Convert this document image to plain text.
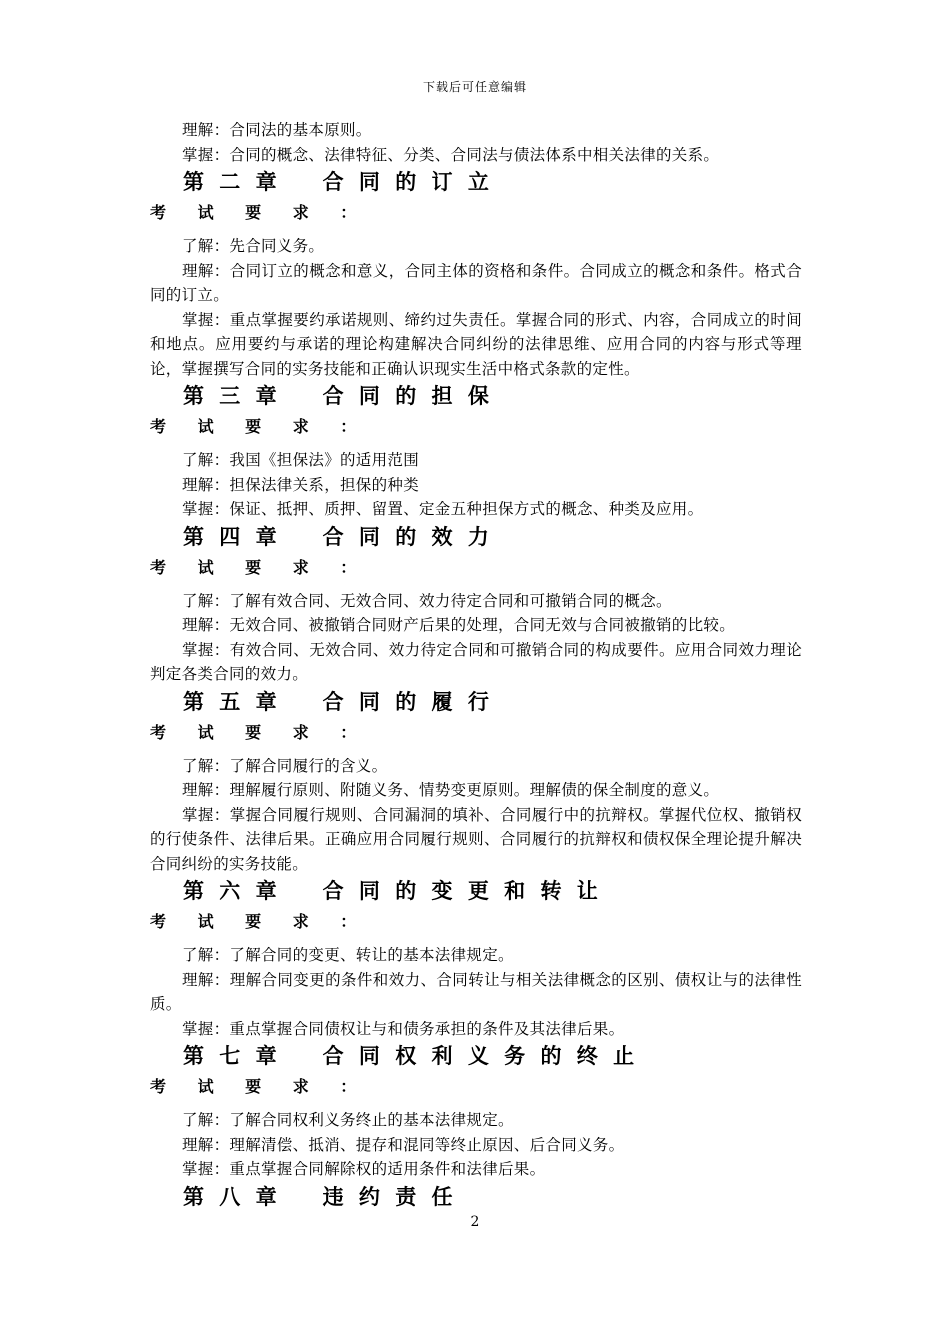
下载后可任意编辑

理解：合同法的基本原则。

掌握：合同的概念、法律特征、分类、合同法与债法体系中相关法律的关系。

第 二 章 合 同 的 订 立
考 试 要 求 ：

了解：先合同义务。

理解：合同订立的概念和意义，合同主体的资格和条件。合同成立的概念和条件。格式合同的订立。

掌握：重点掌握要约承诺规则、缔约过失责任。掌握合同的形式、内容，合同成立的时间和地点。应用要约与承诺的理论构建解决合同纠纷的法律思维、应用合同的内容与形式等理论，掌握撰写合同的实务技能和正确认识现实生活中格式条款的定性。

第 三 章 合 同 的 担 保
考 试 要 求 ：

了解：我国《担保法》的适用范围

理解：担保法律关系，担保的种类

掌握：保证、抵押、质押、留置、定金五种担保方式的概念、种类及应用。

第 四 章 合 同 的 效 力
考 试 要 求 ：

了解：了解有效合同、无效合同、效力待定合同和可撤销合同的概念。

理解：无效合同、被撤销合同财产后果的处理，合同无效与合同被撤销的比较。

掌握：有效合同、无效合同、效力待定合同和可撤销合同的构成要件。应用合同效力理论判定各类合同的效力。

第 五 章 合 同 的 履 行
考 试 要 求 ：

了解：了解合同履行的含义。

理解：理解履行原则、附随义务、情势变更原则。理解债的保全制度的意义。

掌握：掌握合同履行规则、合同漏洞的填补、合同履行中的抗辩权。掌握代位权、撤销权的行使条件、法律后果。正确应用合同履行规则、合同履行的抗辩权和债权保全理论提升解决合同纠纷的实务技能。

第 六 章 合 同 的 变 更 和 转 让
考 试 要 求 ：

了解：了解合同的变更、转让的基本法律规定。

理解：理解合同变更的条件和效力、合同转让与相关法律概念的区别、债权让与的法律性质。

掌握：重点掌握合同债权让与和债务承担的条件及其法律后果。

第 七 章 合 同 权 利 义 务 的 终 止
考 试 要 求 ：

了解：了解合同权利义务终止的基本法律规定。

理解：理解清偿、抵消、提存和混同等终止原因、后合同义务。

掌握：重点掌握合同解除权的适用条件和法律后果。

第 八 章 违 约 责 任
2
